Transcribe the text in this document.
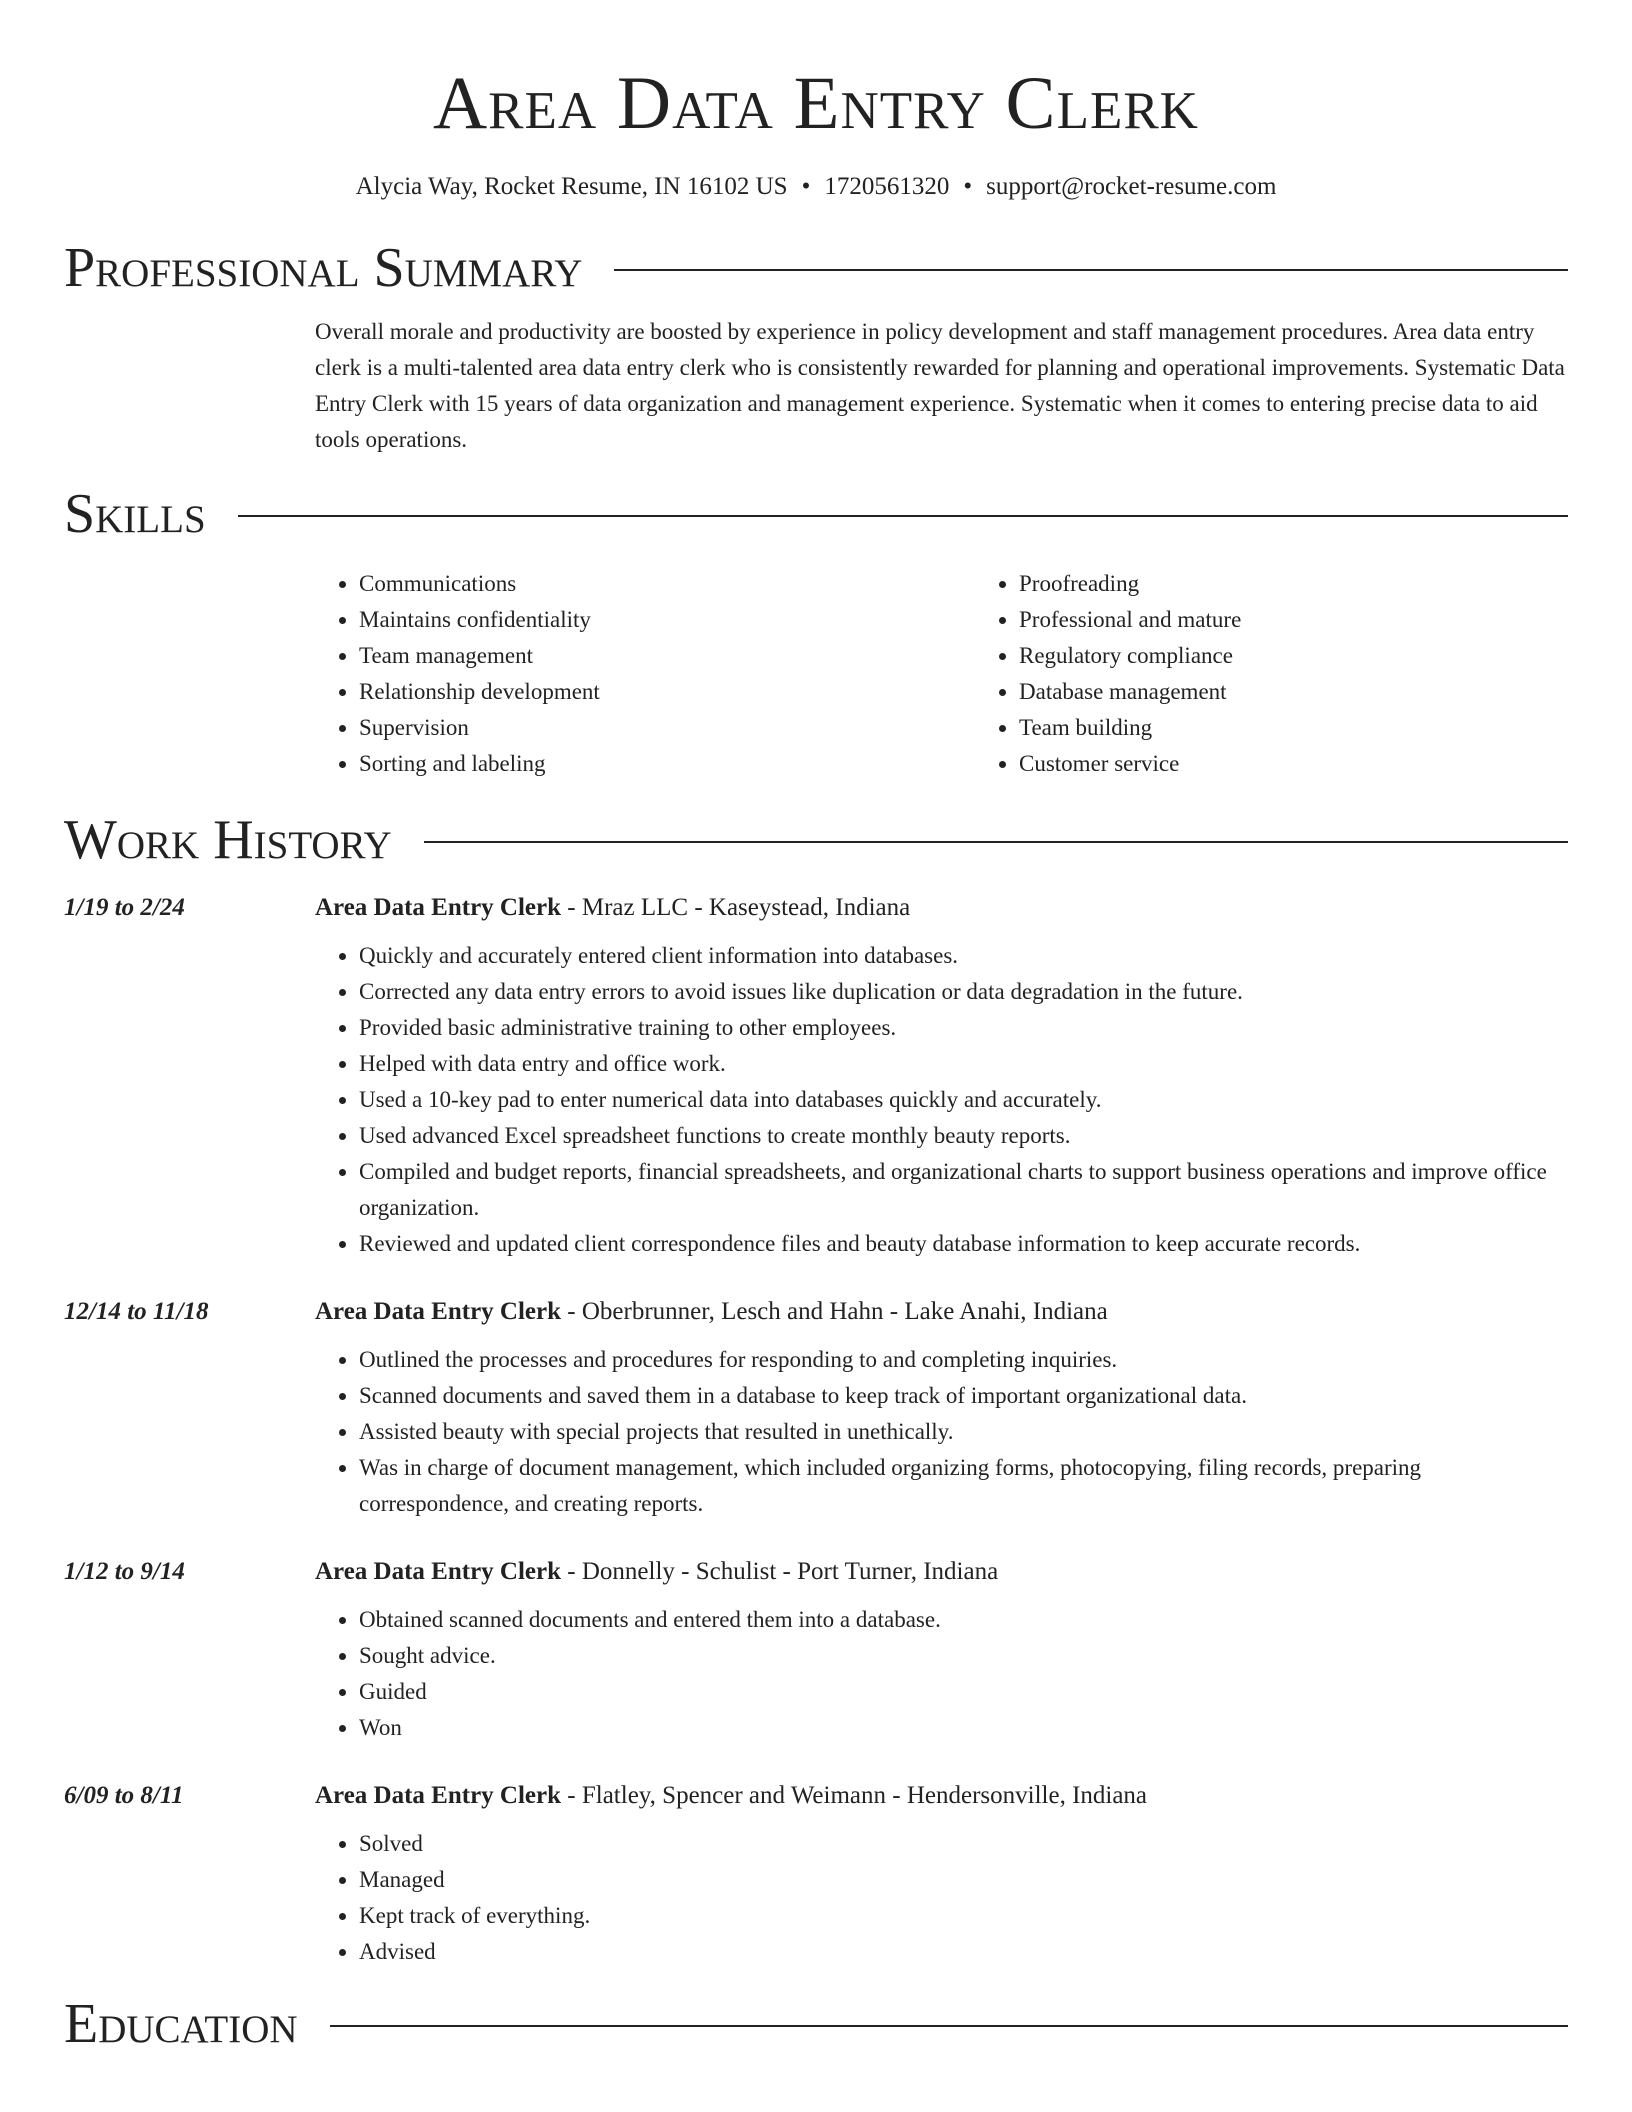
Area Data Entry Clerk
Alycia Way, Rocket Resume, IN 16102 US • 1720561320 • support@rocket-resume.com
Professional Summary
Overall morale and productivity are boosted by experience in policy development and staff management procedures. Area data entry clerk is a multi-talented area data entry clerk who is consistently rewarded for planning and operational improvements. Systematic Data Entry Clerk with 15 years of data organization and management experience. Systematic when it comes to entering precise data to aid tools operations.
Skills
• Communications
• Maintains confidentiality
• Team management
• Relationship development
• Supervision
• Sorting and labeling
• Proofreading
• Professional and mature
• Regulatory compliance
• Database management
• Team building
• Customer service
Work History
1/19 to 2/24	Area Data Entry Clerk - Mraz LLC - Kaseystead, Indiana
• Quickly and accurately entered client information into databases.
• Corrected any data entry errors to avoid issues like duplication or data degradation in the future.
• Provided basic administrative training to other employees.
• Helped with data entry and office work.
• Used a 10-key pad to enter numerical data into databases quickly and accurately.
• Used advanced Excel spreadsheet functions to create monthly beauty reports.
• Compiled and budget reports, financial spreadsheets, and organizational charts to support business operations and improve office organization.
• Reviewed and updated client correspondence files and beauty database information to keep accurate records.
12/14 to 11/18	Area Data Entry Clerk - Oberbrunner, Lesch and Hahn - Lake Anahi, Indiana
• Outlined the processes and procedures for responding to and completing inquiries.
• Scanned documents and saved them in a database to keep track of important organizational data.
• Assisted beauty with special projects that resulted in unethically.
• Was in charge of document management, which included organizing forms, photocopying, filing records, preparing correspondence, and creating reports.
1/12 to 9/14	Area Data Entry Clerk - Donnelly - Schulist - Port Turner, Indiana
• Obtained scanned documents and entered them into a database.
• Sought advice.
• Guided
• Won
6/09 to 8/11	Area Data Entry Clerk - Flatley, Spencer and Weimann - Hendersonville, Indiana
• Solved
• Managed
• Kept track of everything.
• Advised
Education
